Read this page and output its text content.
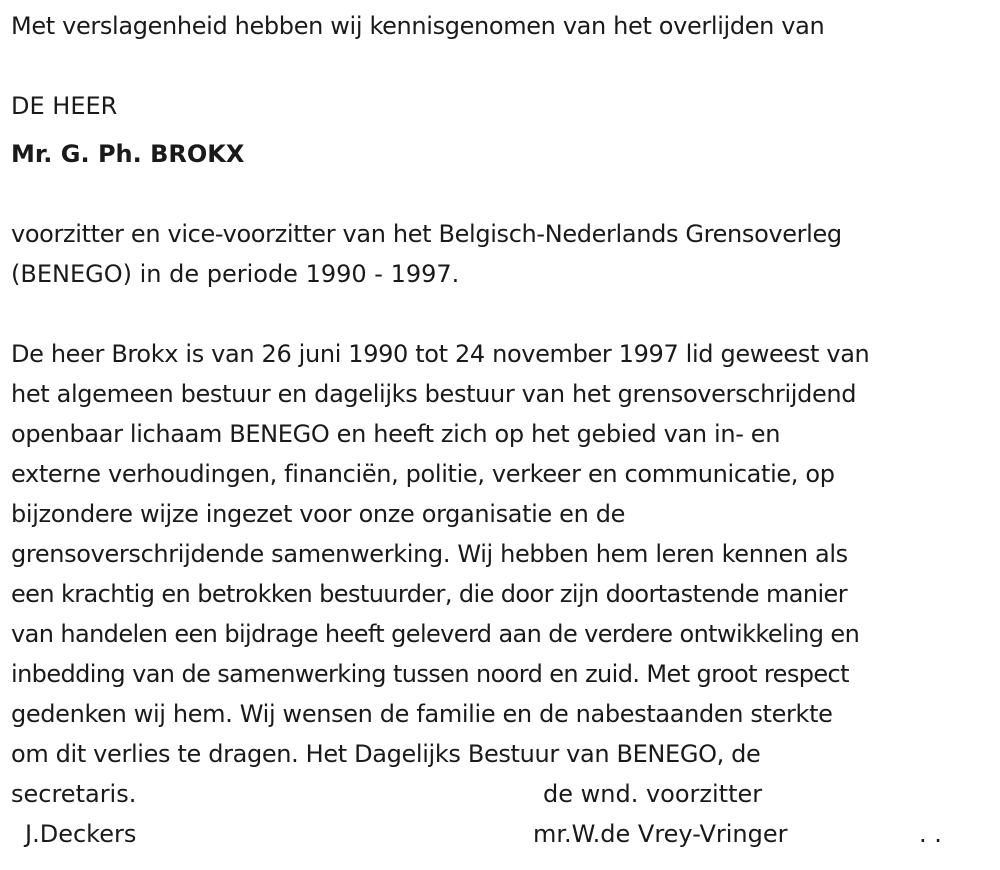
Met verslagenheid hebben wij kennisgenomen van het overlijden van
DE HEER
Mr. G. Ph. BROKX
voorzitter en vice-voorzitter van het Belgisch-Nederlands Grensoverleg
(BENEGO) in de periode 1990 - 1997.
De heer Brokx is van 26 juni 1990 tot 24 november 1997 lid geweest van
het algemeen bestuur en dagelijks bestuur van het grensoverschrijdend
openbaar lichaam BENEGO en heeft zich op het gebied van in- en
externe verhoudingen, financiën, politie, verkeer en communicatie, op
bijzondere wijze ingezet voor onze organisatie en de
grensoverschrijdende samenwerking. Wij hebben hem leren kennen als
een krachtig en betrokken bestuurder, die door zijn doortastende manier
van handelen een bijdrage heeft geleverd aan de verdere ontwikkeling en
inbedding van de samenwerking tussen noord en zuid. Met groot respect
gedenken wij hem. Wij wensen de familie en de nabestaanden sterkte
om dit verlies te dragen. Het Dagelijks Bestuur van BENEGO, de
secretaris.	de wnd. voorzitter
J.Deckers	mr.W.de Vrey-Vringer	. .
